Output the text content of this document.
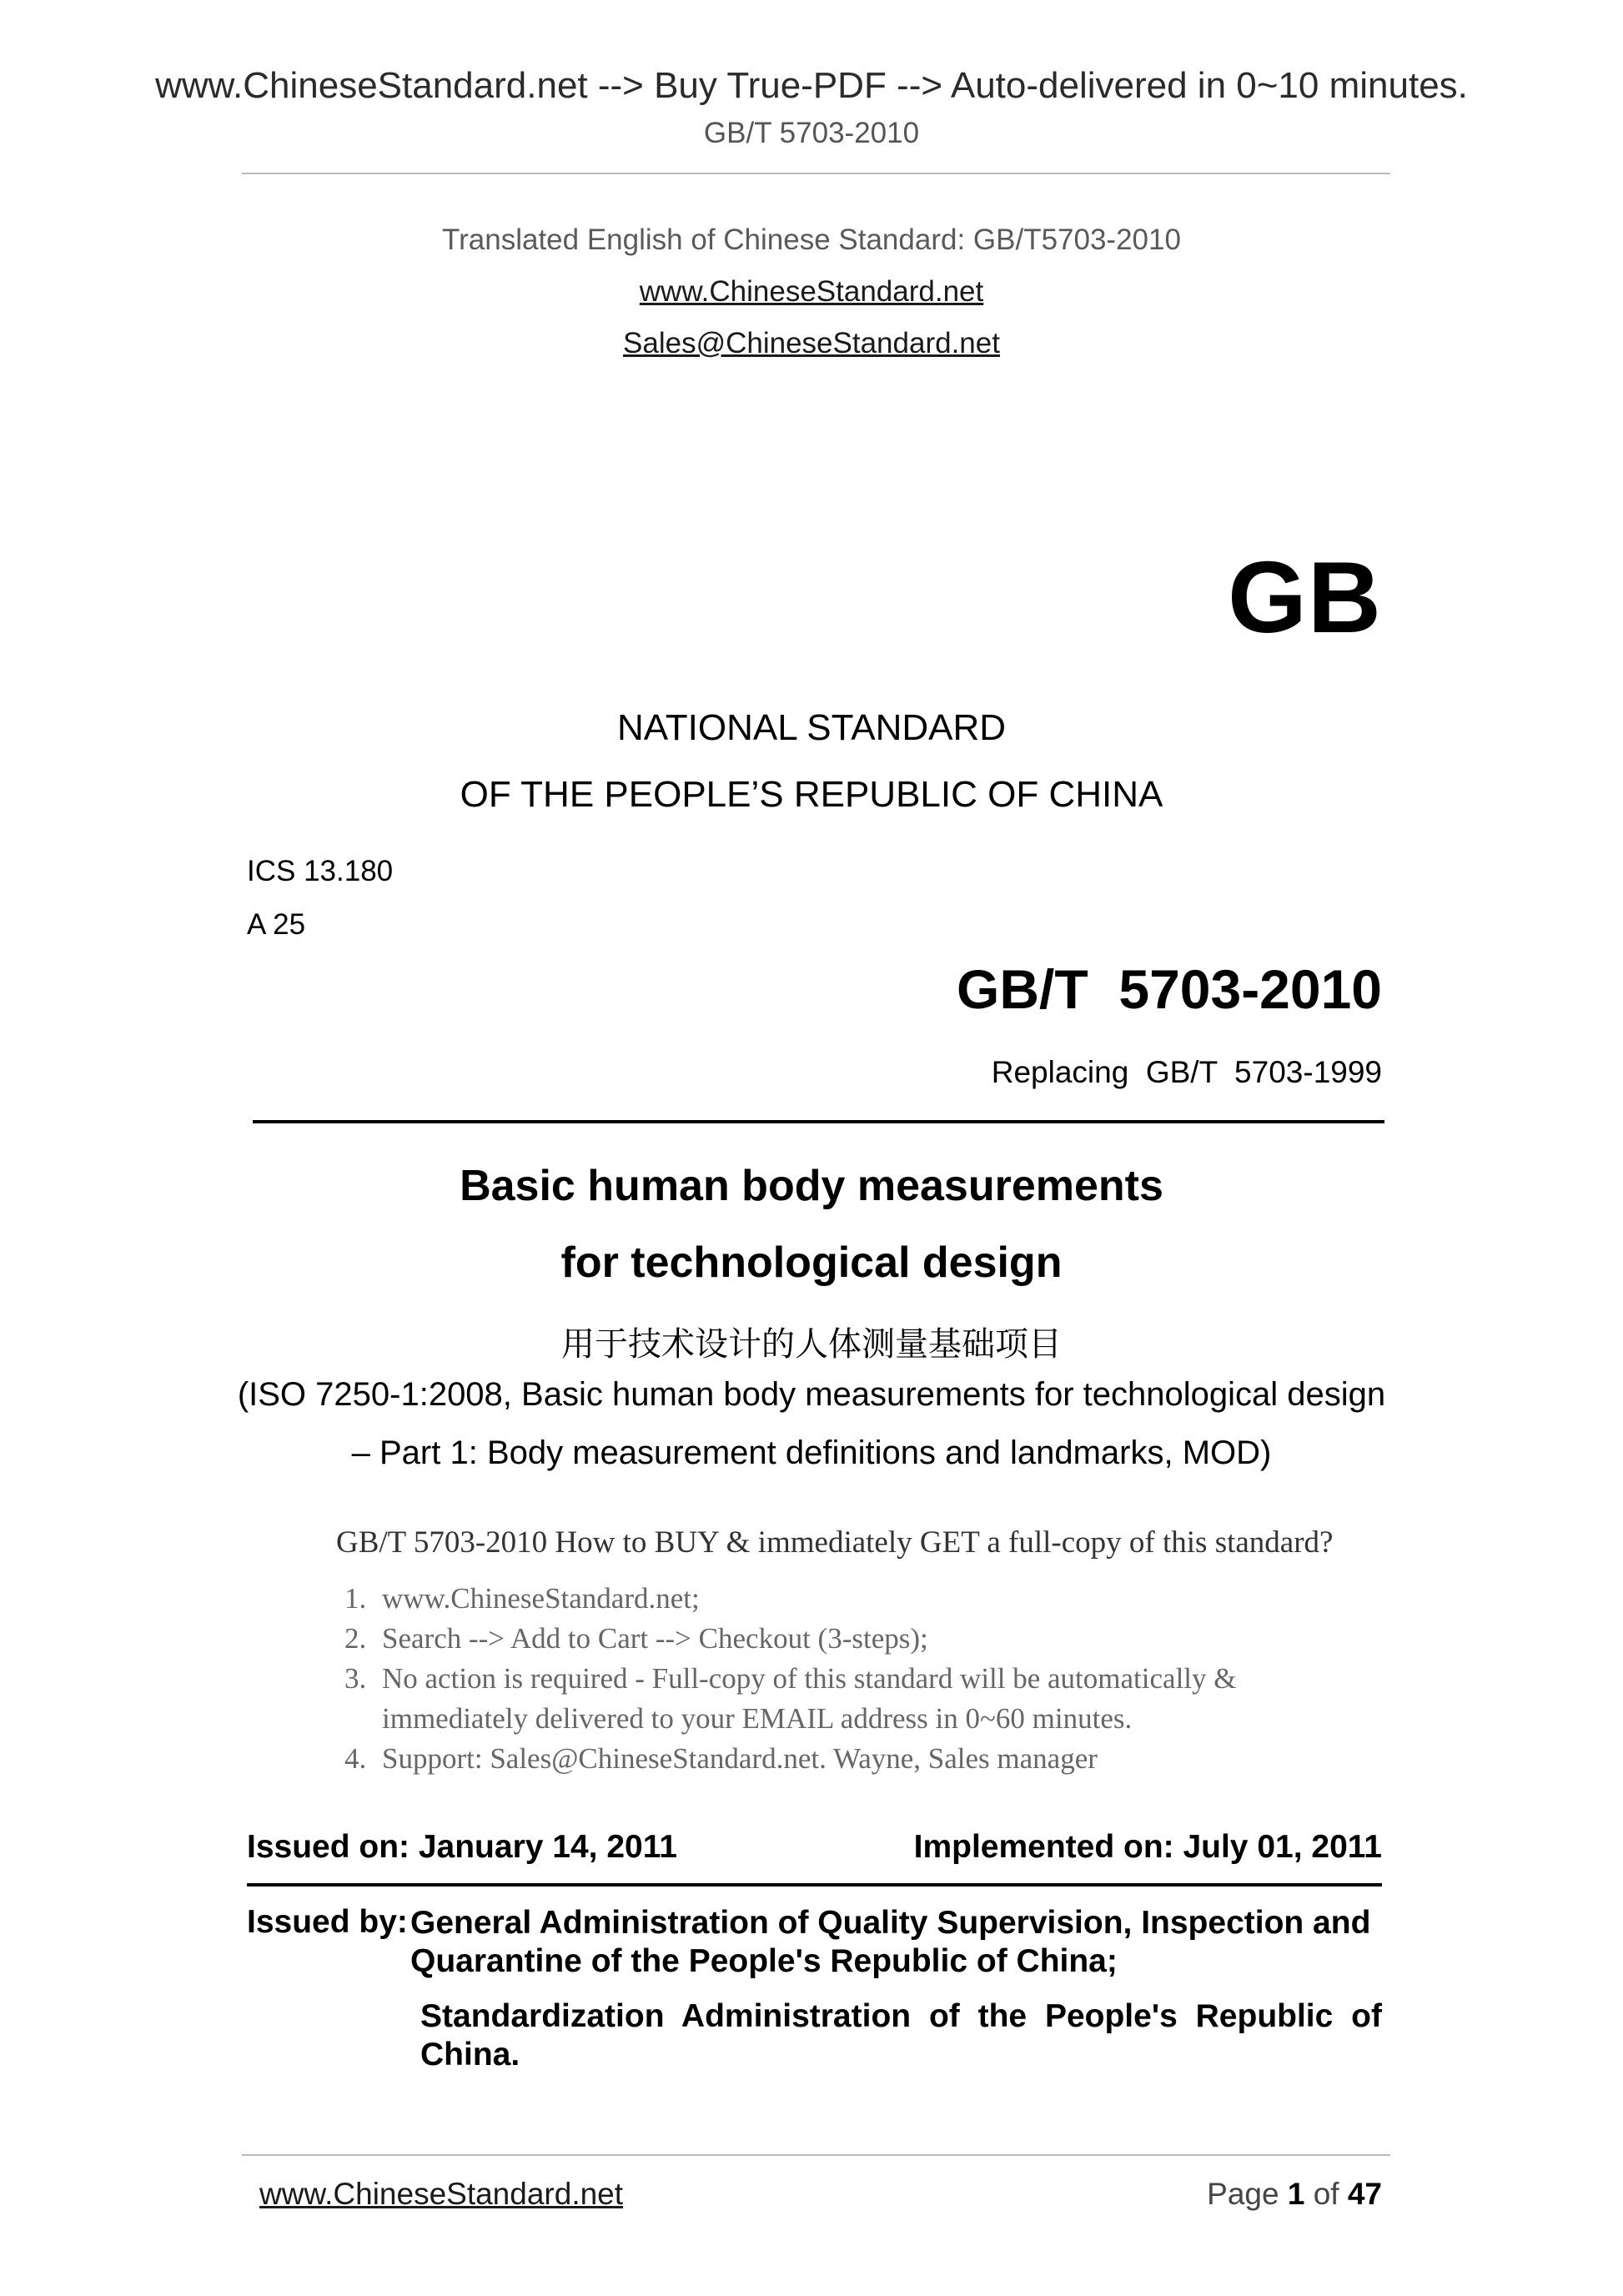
www.ChineseStandard.net --> Buy True-PDF --> Auto-delivered in 0~10 minutes.
GB/T 5703-2010
Translated English of Chinese Standard: GB/T5703-2010
www.ChineseStandard.net
Sales@ChineseStandard.net
GB
NATIONAL STANDARD
OF THE PEOPLE’S REPUBLIC OF CHINA
ICS 13.180
A 25
GB/T  5703-2010
Replacing  GB/T  5703-1999
Basic human body measurements
for technological design
用于技术设计的人体测量基础项目
(ISO 7250-1:2008, Basic human body measurements for technological design
– Part 1: Body measurement definitions and landmarks, MOD)
GB/T 5703-2010 How to BUY & immediately GET a full-copy of this standard?
1. www.ChineseStandard.net;
2. Search --> Add to Cart --> Checkout (3-steps);
3. No action is required - Full-copy of this standard will be automatically & immediately delivered to your EMAIL address in 0~60 minutes.
4. Support: Sales@ChineseStandard.net. Wayne, Sales manager
Issued on: January 14, 2011	Implemented on: July 01, 2011
Issued by: General Administration of Quality Supervision, Inspection and Quarantine of the People's Republic of China;
Standardization Administration of the People's Republic of China.
www.ChineseStandard.net	Page 1 of 47
